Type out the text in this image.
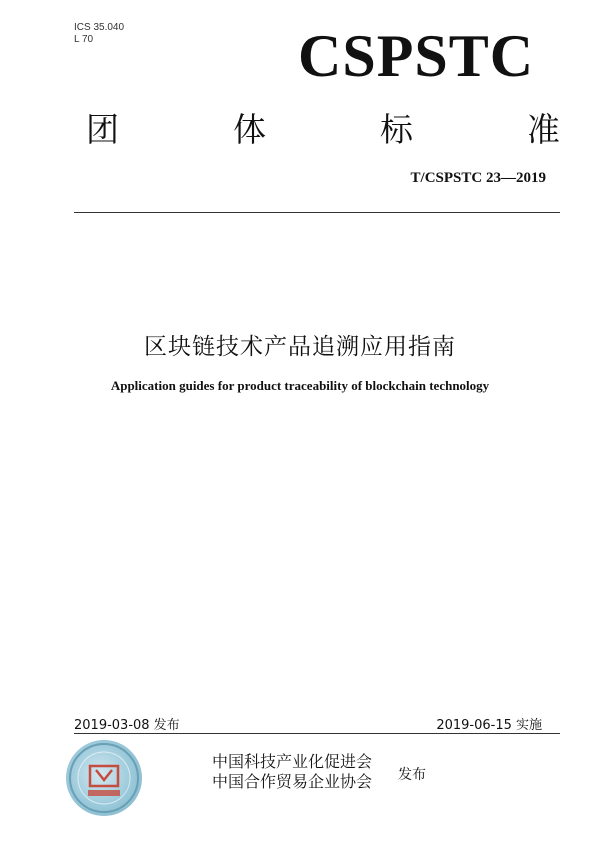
ICS 35.040
L 70	CSPSTC
团	体	标	准
T/CSPSTC 23—2019
区块链技术产品追溯应用指南
Application guides for product traceability of blockchain technology
2019-03-08 发布	2019-06-15 实施
中国科技产业化促进会
中国合作贸易企业协会 发布
